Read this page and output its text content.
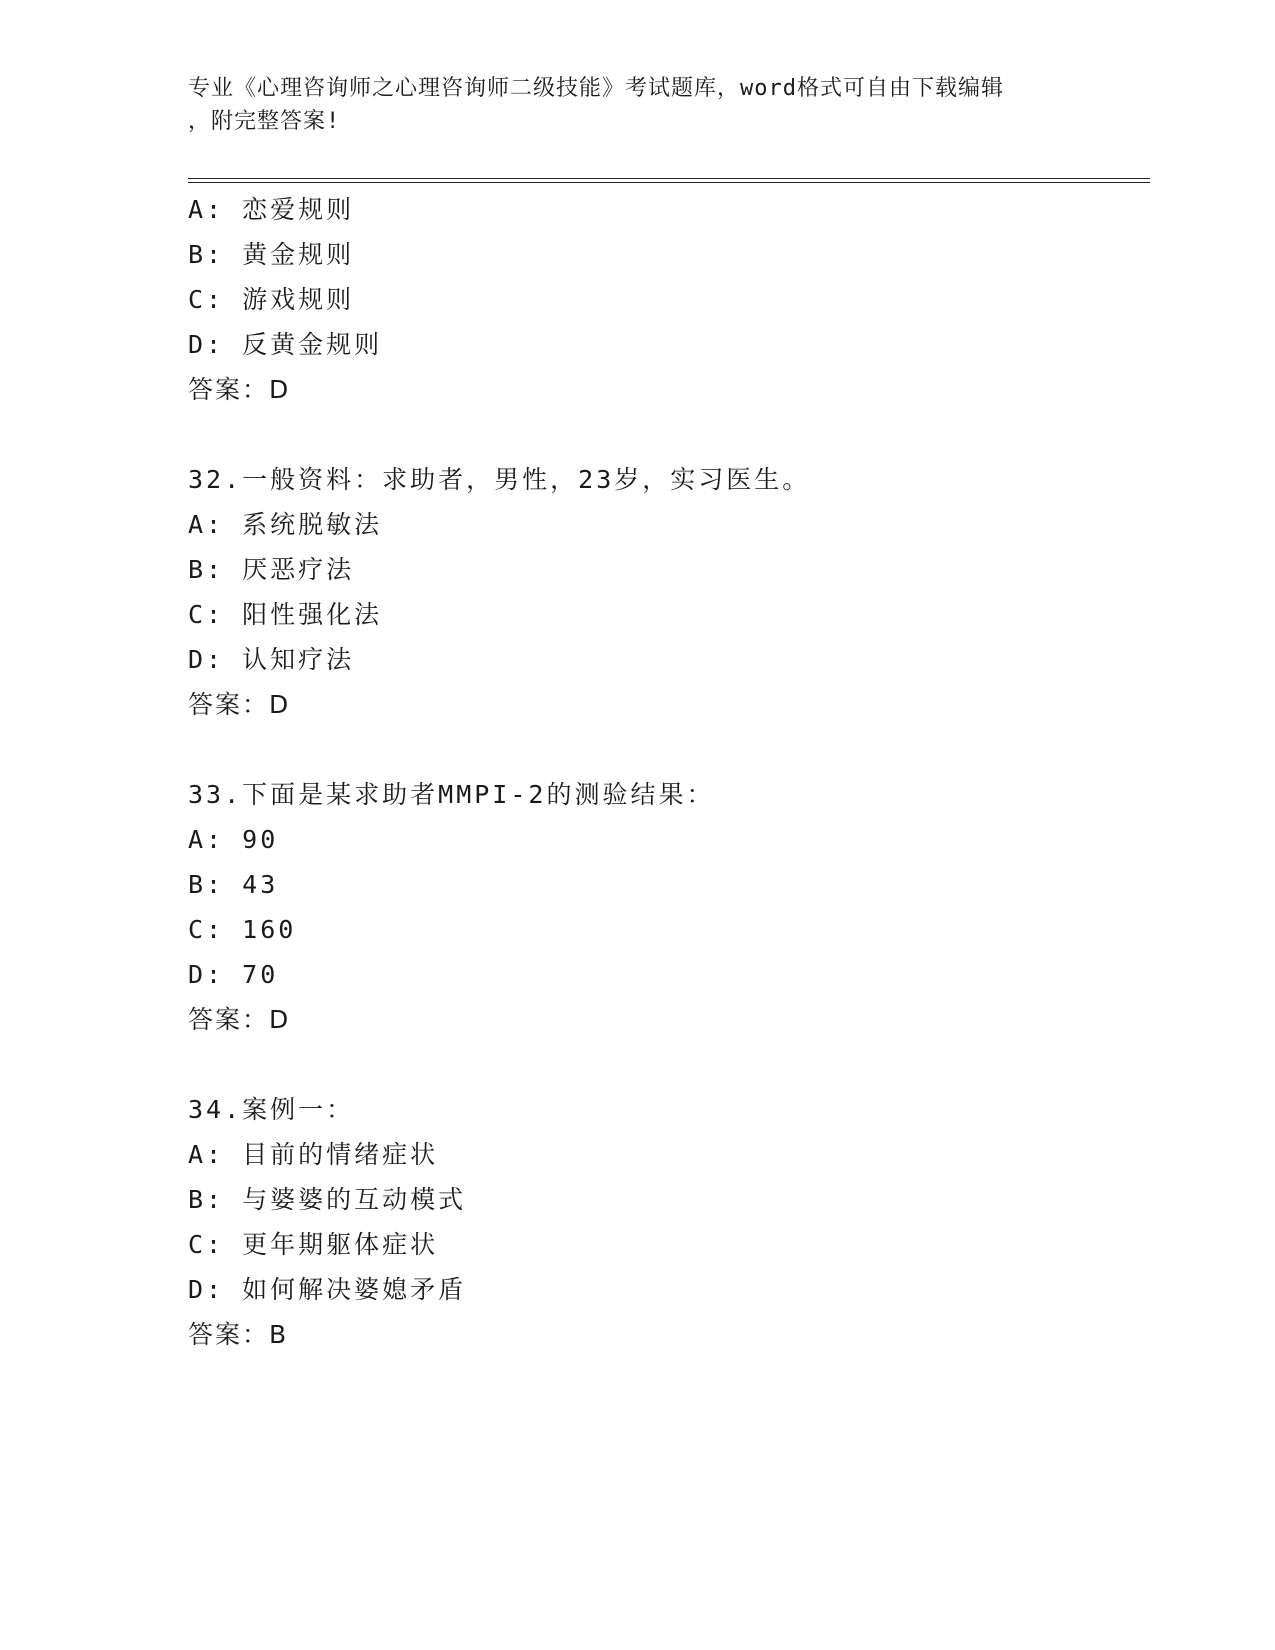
专业《心理咨询师之心理咨询师二级技能》考试题库，word格式可自由下载编辑
，附完整答案!
A: 恋爱规则
B: 黄金规则
C: 游戏规则
D: 反黄金规则
答案：D
32.一般资料：求助者，男性，23岁，实习医生。
A: 系统脱敏法
B: 厌恶疗法
C: 阳性强化法
D: 认知疗法
答案：D
33.下面是某求助者MMPI-2的测验结果：
A: 90
B: 43
C: 160
D: 70
答案：D
34.案例一：
A: 目前的情绪症状
B: 与婆婆的互动模式
C: 更年期躯体症状
D: 如何解决婆媳矛盾
答案：B
